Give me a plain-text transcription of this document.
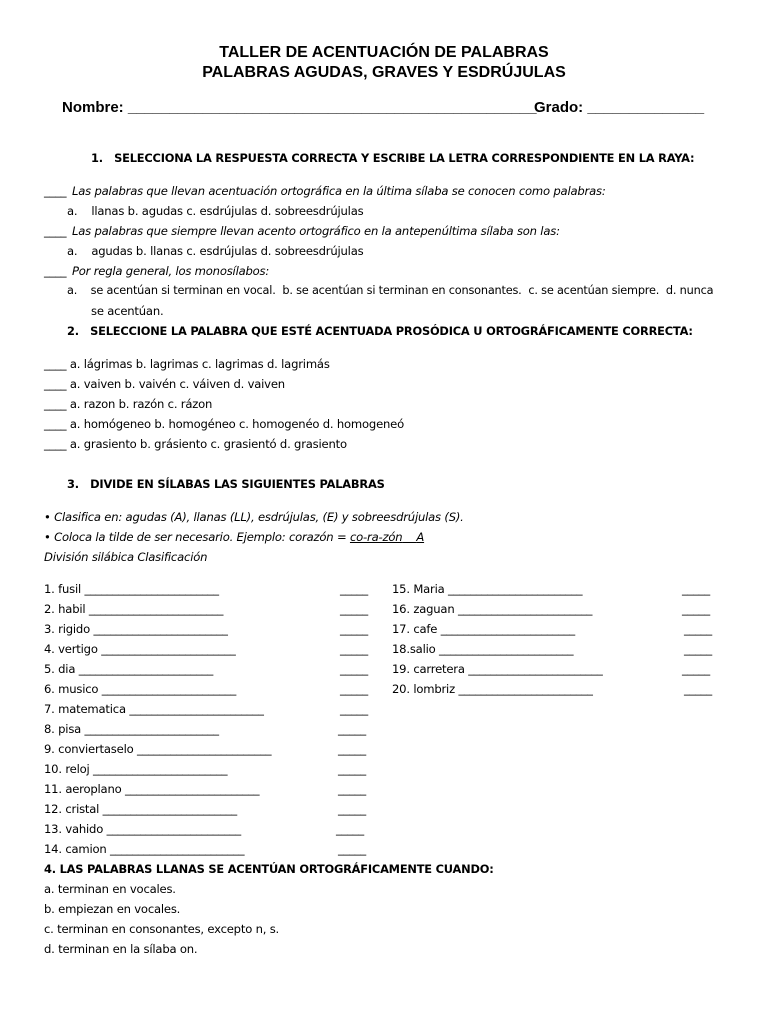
TALLER DE ACENTUACIÓN DE PALABRAS
PALABRAS AGUDAS, GRAVES Y ESDRÚJULAS
Nombre: _________________________________________________
Grado: ______________
1.   SELECCIONA LA RESPUESTA CORRECTA Y ESCRIBE LA LETRA CORRESPONDIENTE EN LA RAYA:
____ Las palabras que llevan acentuación ortográfica en la última sílaba se conocen como palabras:
a.    llanas b. agudas c. esdrújulas d. sobreesdrújulas
____ Las palabras que siempre llevan acento ortográfico en la antepenúltima sílaba son las:
a.    agudas b. llanas c. esdrújulas d. sobreesdrújulas
____ Por regla general, los monosílabos:
a.    se acentúan si terminan en vocal.  b. se acentúan si terminan en consonantes.  c. se acentúan siempre.  d. nunca
se acentúan.
2.   SELECCIONE LA PALABRA QUE ESTÉ ACENTUADA PROSÓDICA U ORTOGRÁFICAMENTE CORRECTA:
____ a. lágrimas b. lagrimas c. lagrimas d. lagrimás
____ a. vaiven b. vaivén c. váiven d. vaiven
____ a. razon b. razón c. rázon
____ a. homógeneo b. homogéneo c. homogenéo d. homogeneó
____ a. grasiento b. grásiento c. grasientó d. grasiento
3.   DIVIDE EN SÍLABAS LAS SIGUIENTES PALABRAS
• Clasifica en: agudas (A), llanas (LL), esdrújulas, (E) y sobreesdrújulas (S).
• Coloca la tilde de ser necesario. Ejemplo: corazón = co-ra-zón A
División silábica Clasificación
1. fusil ________________________	_____
2. habil ________________________	_____
3. rigido ________________________	_____
4. vertigo ________________________	_____
5. dia ________________________	_____
6. musico ________________________	_____
7. matematica ________________________	_____
8. pisa ________________________	_____
9. conviertaselo ________________________	_____
10. reloj ________________________	_____
11. aeroplano ________________________	_____
12. cristal ________________________	_____
13. vahido ________________________	_____
14. camion ________________________	_____
15. Maria ________________________	_____
16. zaguan ________________________	_____
17. cafe ________________________	_____
18.salio ________________________	_____
19. carretera ________________________	_____
20. lombriz ________________________	_____
4. LAS PALABRAS LLANAS SE ACENTÚAN ORTOGRÁFICAMENTE CUANDO:
a. terminan en vocales.
b. empiezan en vocales.
c. terminan en consonantes, excepto n, s.
d. terminan en la sílaba on.
